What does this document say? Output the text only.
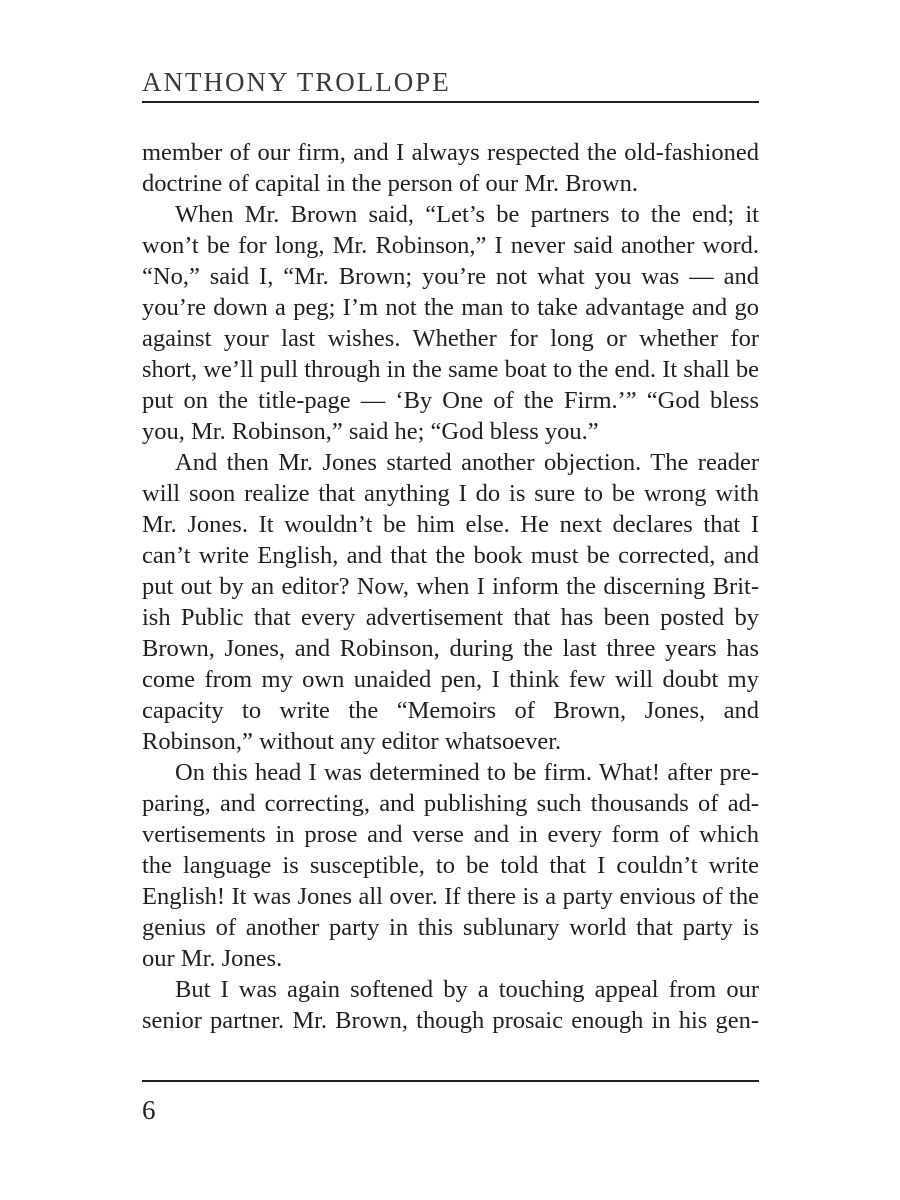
ANTHONY TROLLOPE

member of our firm, and I always respected the old-fashioned doctrine of capital in the person of our Mr. Brown.

When Mr. Brown said, “Let’s be partners to the end; it won’t be for long, Mr. Robinson,” I never said another word. “No,” said I, “Mr. Brown; you’re not what you was — and you’re down a peg; I’m not the man to take advantage and go against your last wishes. Whether for long or whether for short, we’ll pull through in the same boat to the end. It shall be put on the title-page — ‘By One of the Firm.’” “God bless you, Mr. Robinson,” said he; “God bless you.”

And then Mr. Jones started another objection. The reader will soon realize that anything I do is sure to be wrong with Mr. Jones. It wouldn’t be him else. He next declares that I can’t write English, and that the book must be corrected, and put out by an editor? Now, when I inform the discerning British Public that every advertisement that has been posted by Brown, Jones, and Robinson, during the last three years has come from my own unaided pen, I think few will doubt my capacity to write the “Memoirs of Brown, Jones, and Robinson,” without any editor whatsoever.

On this head I was determined to be firm. What! after preparing, and correcting, and publishing such thousands of advertisements in prose and verse and in every form of which the language is susceptible, to be told that I couldn’t write English! It was Jones all over. If there is a party envious of the genius of another party in this sublunary world that party is our Mr. Jones.

But I was again softened by a touching appeal from our senior partner. Mr. Brown, though prosaic enough in his gen-

6
